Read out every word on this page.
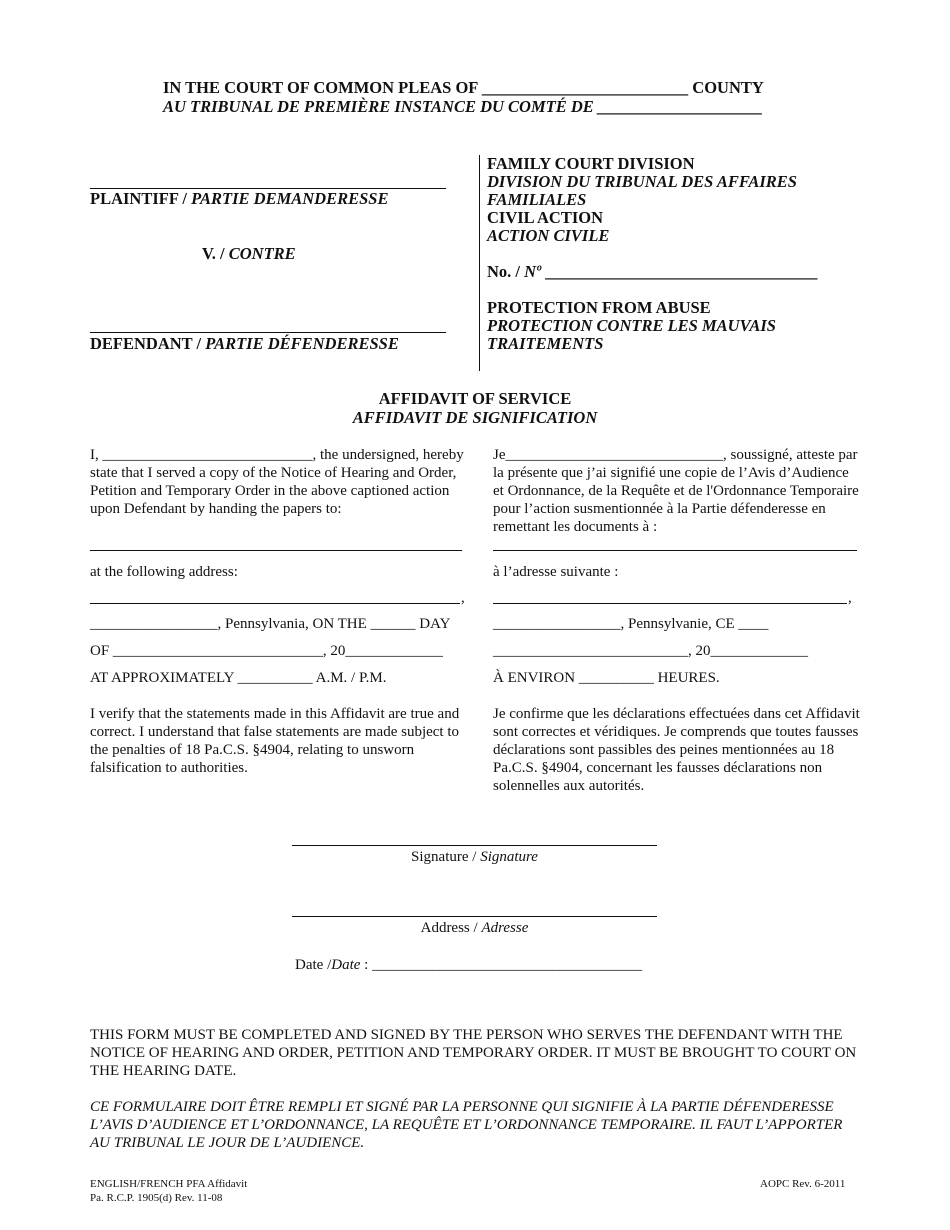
IN THE COURT OF COMMON PLEAS OF _________________________ COUNTY
AU TRIBUNAL DE PREMIÈRE INSTANCE DU COMTÉ DE ____________________
PLAINTIFF / PARTIE DEMANDERESSE
V. / CONTRE
DEFENDANT / PARTIE DÉFENDERESSE
FAMILY COURT DIVISION
DIVISION DU TRIBUNAL DES AFFAIRES FAMILIALES
CIVIL ACTION
ACTION CIVILE
No. / Nº _________________________________
PROTECTION FROM ABUSE
PROTECTION CONTRE LES MAUVAIS TRAITEMENTS
AFFIDAVIT OF SERVICE
AFFIDAVIT DE SIGNIFICATION
I, ____________________________, the undersigned, hereby state that I served a copy of the Notice of Hearing and Order, Petition and Temporary Order in the above captioned action upon Defendant by handing the papers to:
at the following address:
,
_________________, Pennsylvania, ON THE ______ DAY
OF ____________________________, 20_____________
AT APPROXIMATELY __________ A.M. / P.M.
I verify that the statements made in this Affidavit are true and correct. I understand that false statements are made subject to the penalties of 18 Pa.C.S. §4904, relating to unsworn falsification to authorities.
Je_____________________________, soussigné, atteste par la présente que j’ai signifié une copie de l’Avis d’Audience et Ordonnance, de la Requête et de l'Ordonnance Temporaire pour l’action susmentionnée à la Partie défenderesse en remettant les documents à :
à l’adresse suivante :
,
_________________, Pennsylvanie, CE ____
__________________________, 20_____________
À ENVIRON __________ HEURES.
Je confirme que les déclarations effectuées dans cet Affidavit sont correctes et véridiques. Je comprends que toutes fausses déclarations sont passibles des peines mentionnées au 18 Pa.C.S. §4904, concernant les fausses déclarations non solennelles aux autorités.
Signature / Signature
Address / Adresse
Date /Date : ____________________________________
THIS FORM MUST BE COMPLETED AND SIGNED BY THE PERSON WHO SERVES THE DEFENDANT WITH THE NOTICE OF HEARING AND ORDER, PETITION AND TEMPORARY ORDER. IT MUST BE BROUGHT TO COURT ON THE HEARING DATE.
CE FORMULAIRE DOIT ÊTRE REMPLI ET SIGNÉ PAR LA PERSONNE QUI SIGNIFIE À LA PARTIE DÉFENDERESSE L’AVIS D’AUDIENCE ET L’ORDONNANCE, LA REQUÊTE ET L’ORDONNANCE TEMPORAIRE. IL FAUT L’APPORTER AU TRIBUNAL LE JOUR DE L’AUDIENCE.
ENGLISH/FRENCH PFA Affidavit
Pa. R.C.P. 1905(d) Rev. 11-08
AOPC Rev. 6-2011
